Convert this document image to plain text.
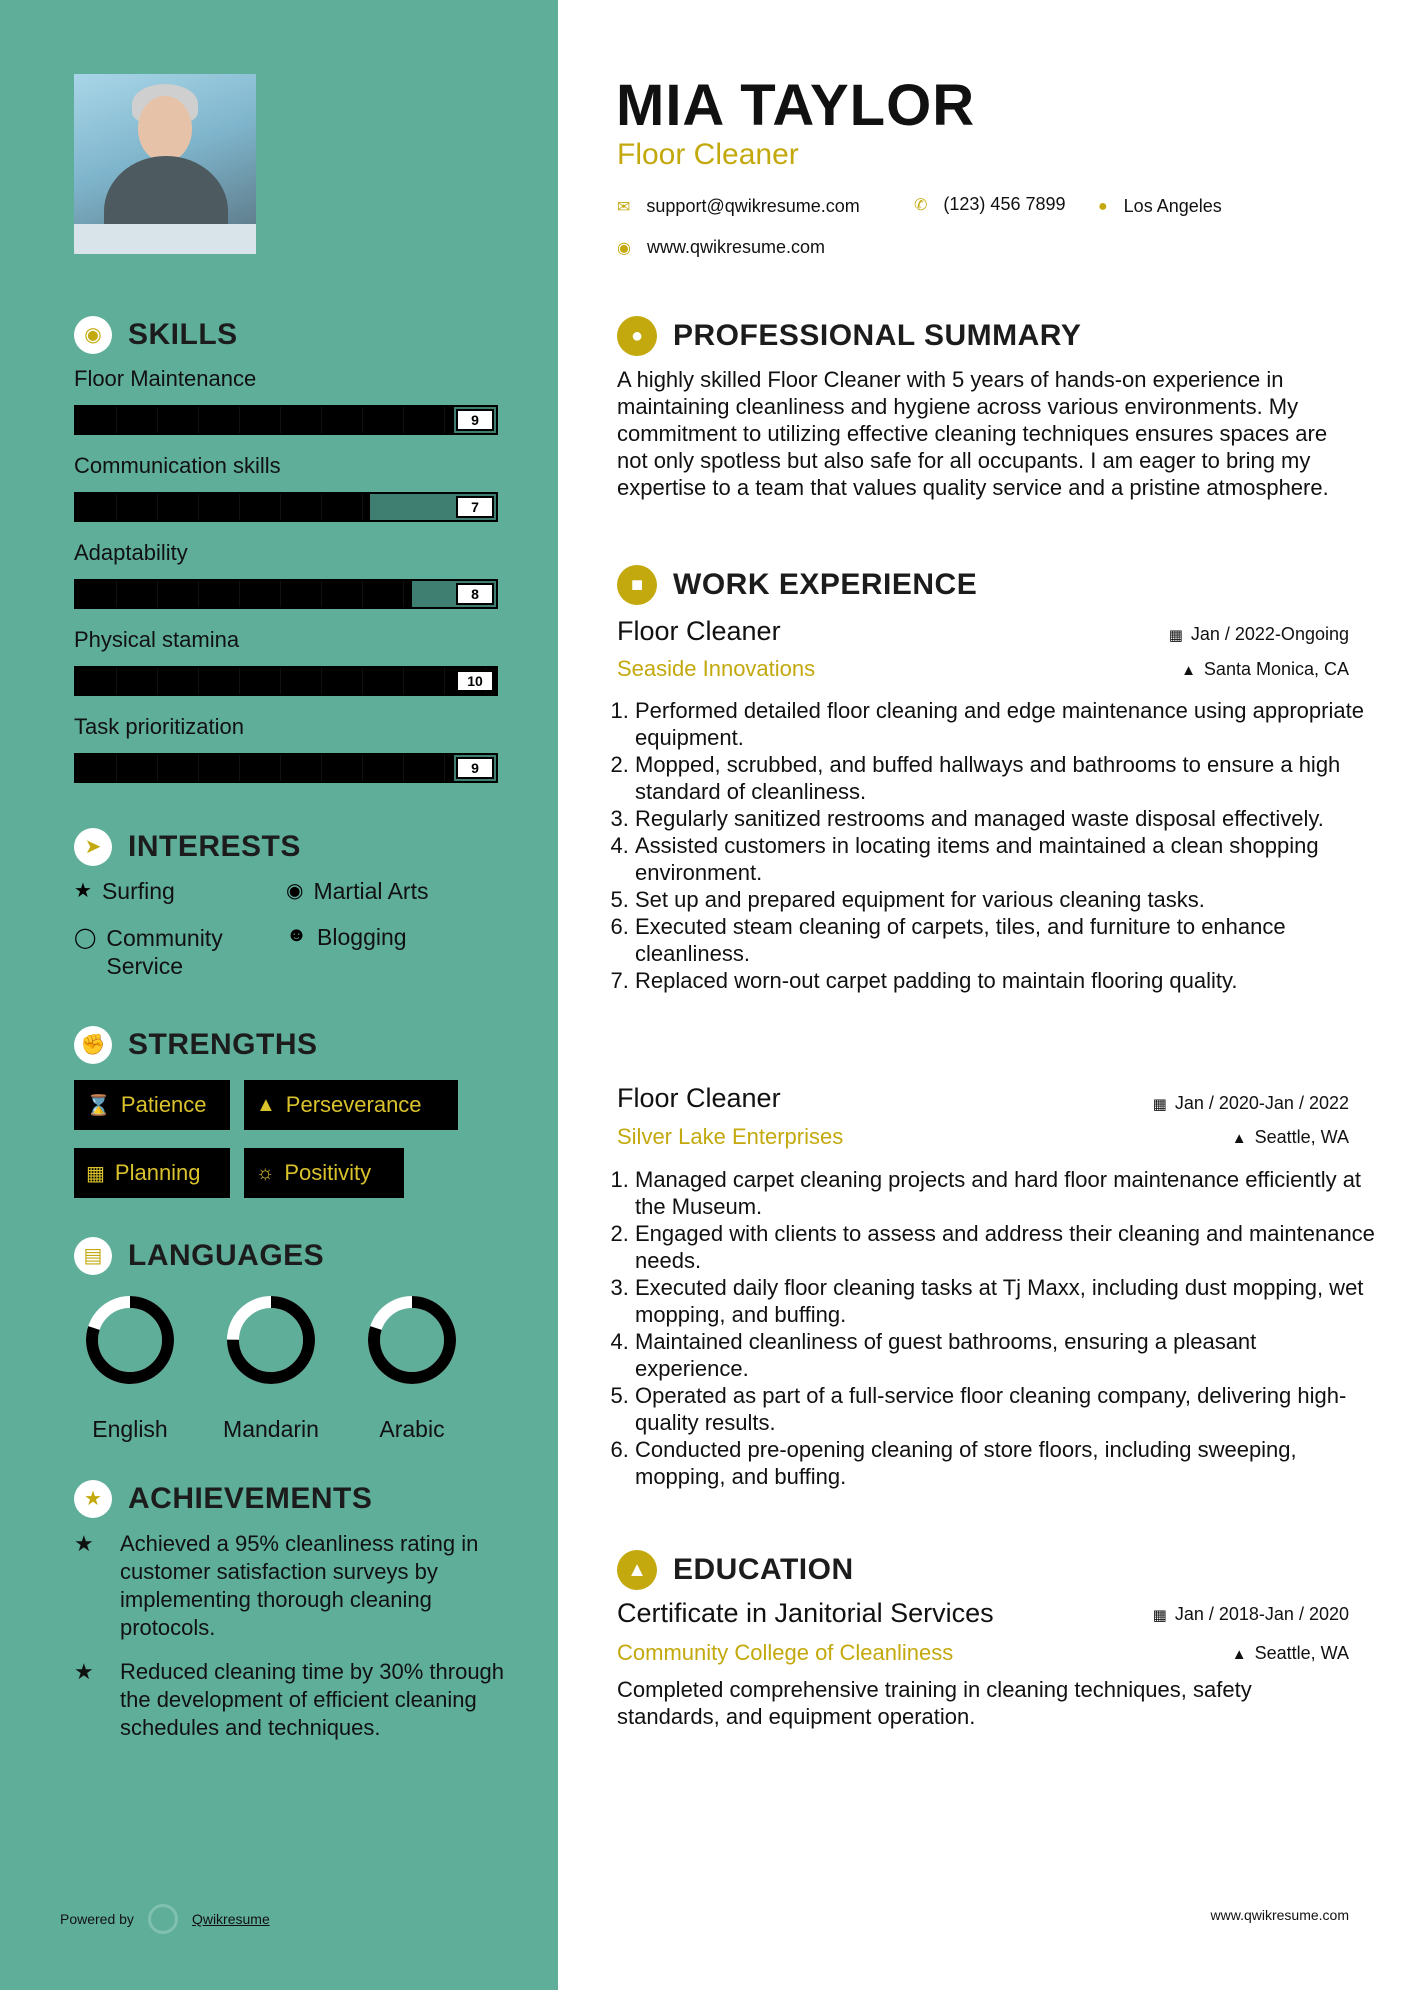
◉ SKILLS
Floor Maintenance
9
Communication skills
7
Adaptability
8
Physical stamina
10
Task prioritization
9
➤ INTERESTS
★ Surfing	◉ Martial Arts
◯ Community Service
☻ Blogging
✊ STRENGTHS
⌛ Patience ▲ Perseverance
▦ Planning	☼ Positivity
▤ LANGUAGES
English	Mandarin	Arabic
★ ACHIEVEMENTS
★	Achieved a 95% cleanliness rating in customer satisfaction surveys by implementing thorough cleaning protocols.
★	Reduced cleaning time by 30% through the development of efficient cleaning schedules and techniques.
Powered by	Qwikresume
MIA TAYLOR
Floor Cleaner
✉ support@qwikresume.com	✆ (123) 456 7899 ● Los Angeles
◉ www.qwikresume.com
● PROFESSIONAL SUMMARY
A highly skilled Floor Cleaner with 5 years of hands-on experience in maintaining cleanliness and hygiene across various environments. My commitment to utilizing effective cleaning techniques ensures spaces are not only spotless but also safe for all occupants. I am eager to bring my expertise to a team that values quality service and a pristine atmosphere.
■ WORK EXPERIENCE
Floor Cleaner	▦ Jan / 2022-Ongoing
Seaside Innovations	▲ Santa Monica, CA
1. Performed detailed floor cleaning and edge maintenance using appropriate equipment.
2. Mopped, scrubbed, and buffed hallways and bathrooms to ensure a high standard of cleanliness.
3. Regularly sanitized restrooms and managed waste disposal effectively.
4. Assisted customers in locating items and maintained a clean shopping environment.
5. Set up and prepared equipment for various cleaning tasks.
6. Executed steam cleaning of carpets, tiles, and furniture to enhance cleanliness.
7. Replaced worn-out carpet padding to maintain flooring quality.
Floor Cleaner	▦ Jan / 2020-Jan / 2022
Silver Lake Enterprises	▲ Seattle, WA
1. Managed carpet cleaning projects and hard floor maintenance efficiently at the Museum.
2. Engaged with clients to assess and address their cleaning and maintenance needs.
3. Executed daily floor cleaning tasks at Tj Maxx, including dust mopping, wet mopping, and buffing.
4. Maintained cleanliness of guest bathrooms, ensuring a pleasant experience.
5. Operated as part of a full-service floor cleaning company, delivering high-quality results.
6. Conducted pre-opening cleaning of store floors, including sweeping, mopping, and buffing.
▲ EDUCATION
Certificate in Janitorial Services	▦ Jan / 2018-Jan / 2020
Community College of Cleanliness	▲ Seattle, WA
Completed comprehensive training in cleaning techniques, safety standards, and equipment operation.
www.qwikresume.com
